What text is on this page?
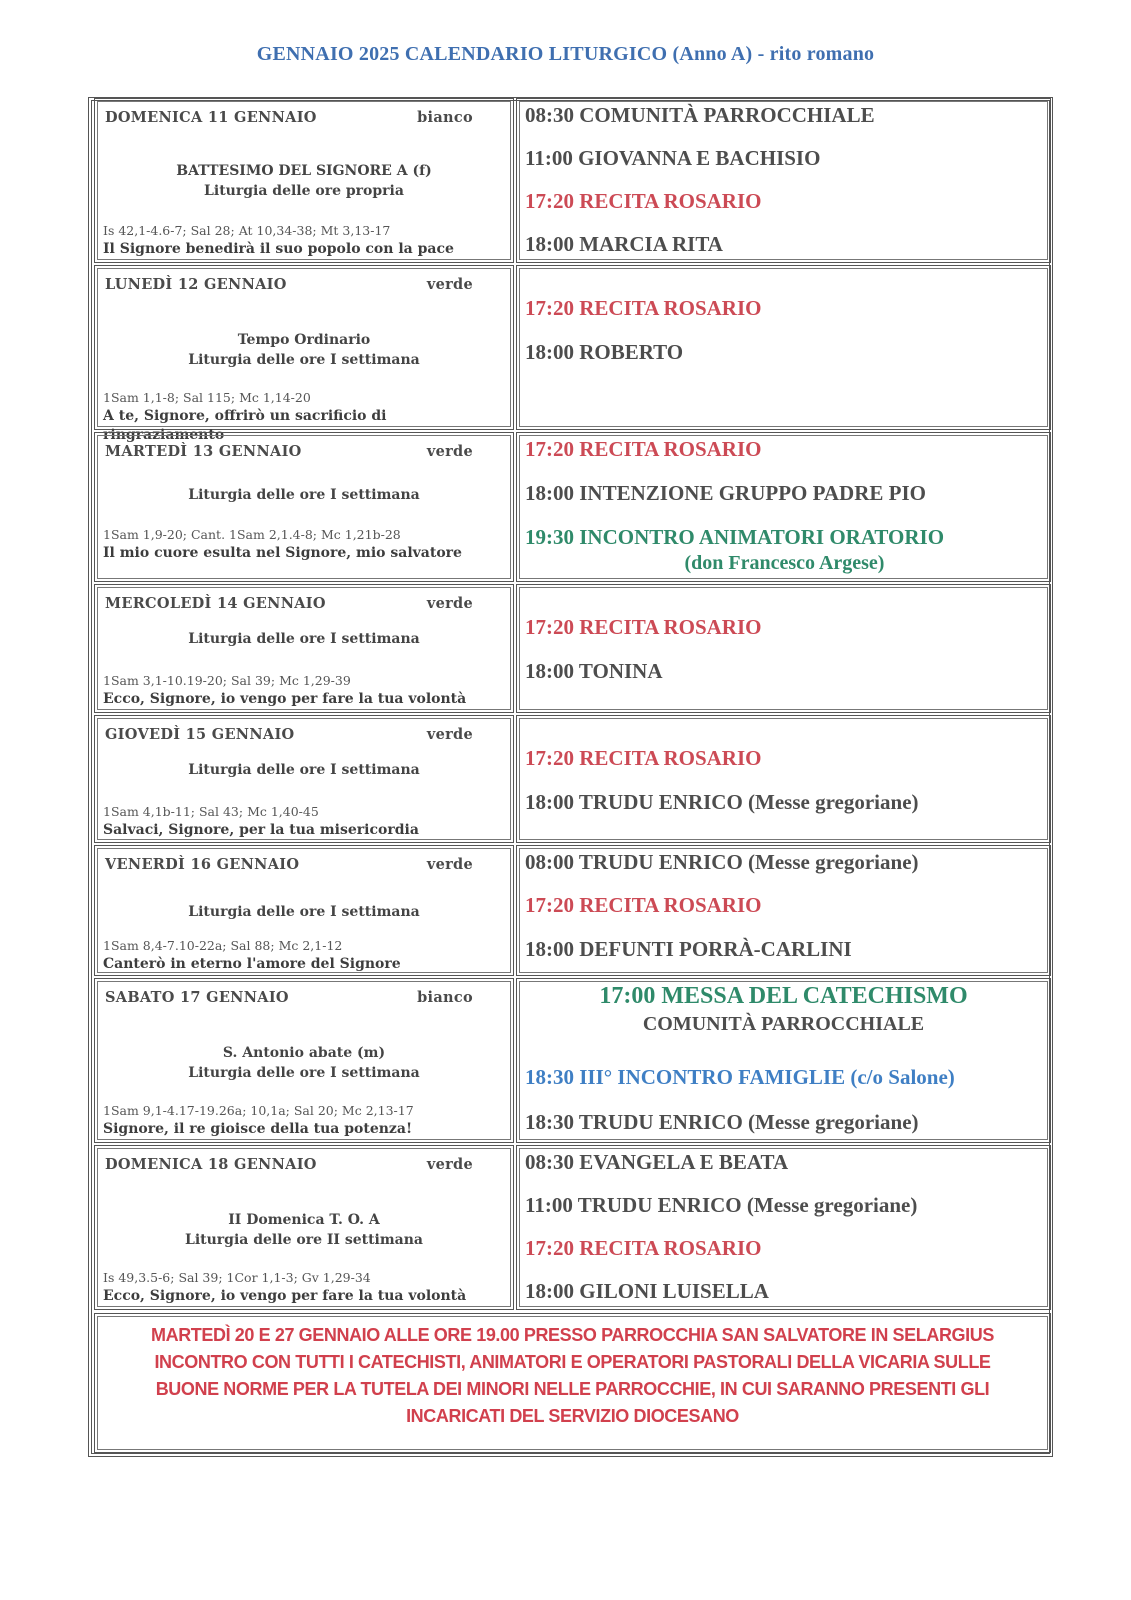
GENNAIO 2025 CALENDARIO LITURGICO (Anno A) - rito romano
DOMENICA 11 GENNAIO	bianco
BATTESIMO DEL SIGNORE A (f)
Liturgia delle ore propria
Is 42,1-4.6-7; Sal 28; At 10,34-38; Mt 3,13-17
Il Signore benedirà il suo popolo con la pace
08:30 COMUNITÀ PARROCCHIALE
11:00 GIOVANNA E BACHISIO
17:20 RECITA ROSARIO
18:00 MARCIA RITA
LUNEDÌ 12 GENNAIO	verde
Tempo Ordinario
Liturgia delle ore I settimana
1Sam 1,1-8; Sal 115; Mc 1,14-20
A te, Signore, offrirò un sacrificio di ringraziamento
17:20 RECITA ROSARIO
18:00 ROBERTO
MARTEDÌ 13 GENNAIO	verde
Liturgia delle ore I settimana
1Sam 1,9-20; Cant. 1Sam 2,1.4-8; Mc 1,21b-28
Il mio cuore esulta nel Signore, mio salvatore
17:20 RECITA ROSARIO
18:00 INTENZIONE GRUPPO PADRE PIO
19:30 INCONTRO ANIMATORI ORATORIO
(don Francesco Argese)
MERCOLEDÌ 14 GENNAIO	verde
Liturgia delle ore I settimana
1Sam 3,1-10.19-20; Sal 39; Mc 1,29-39
Ecco, Signore, io vengo per fare la tua volontà
17:20 RECITA ROSARIO
18:00 TONINA
GIOVEDÌ 15 GENNAIO	verde
Liturgia delle ore I settimana
1Sam 4,1b-11; Sal 43; Mc 1,40-45
Salvaci, Signore, per la tua misericordia
17:20 RECITA ROSARIO
18:00 TRUDU ENRICO (Messe gregoriane)
VENERDÌ 16 GENNAIO	verde
Liturgia delle ore I settimana
1Sam 8,4-7.10-22a; Sal 88; Mc 2,1-12
Canterò in eterno l'amore del Signore
08:00 TRUDU ENRICO (Messe gregoriane)
17:20 RECITA ROSARIO
18:00 DEFUNTI PORRÀ-CARLINI
SABATO 17 GENNAIO	bianco
S. Antonio abate (m)
Liturgia delle ore I settimana
1Sam 9,1-4.17-19.26a; 10,1a; Sal 20; Mc 2,13-17
Signore, il re gioisce della tua potenza!
17:00 MESSA DEL CATECHISMO
COMUNITÀ PARROCCHIALE
18:30 III° INCONTRO FAMIGLIE (c/o Salone)
18:30 TRUDU ENRICO (Messe gregoriane)
DOMENICA 18 GENNAIO	verde
II Domenica T. O. A
Liturgia delle ore II settimana
Is 49,3.5-6; Sal 39; 1Cor 1,1-3; Gv 1,29-34
Ecco, Signore, io vengo per fare la tua volontà
08:30 EVANGELA E BEATA
11:00 TRUDU ENRICO (Messe gregoriane)
17:20 RECITA ROSARIO
18:00 GILONI LUISELLA

MARTEDÌ 20 E 27 GENNAIO ALLE ORE 19.00 PRESSO PARROCCHIA SAN SALVATORE IN SELARGIUS
INCONTRO CON TUTTI I CATECHISTI, ANIMATORI E OPERATORI PASTORALI DELLA VICARIA SULLE
BUONE NORME PER LA TUTELA DEI MINORI NELLE PARROCCHIE, IN CUI SARANNO PRESENTI GLI
INCARICATI DEL SERVIZIO DIOCESANO
